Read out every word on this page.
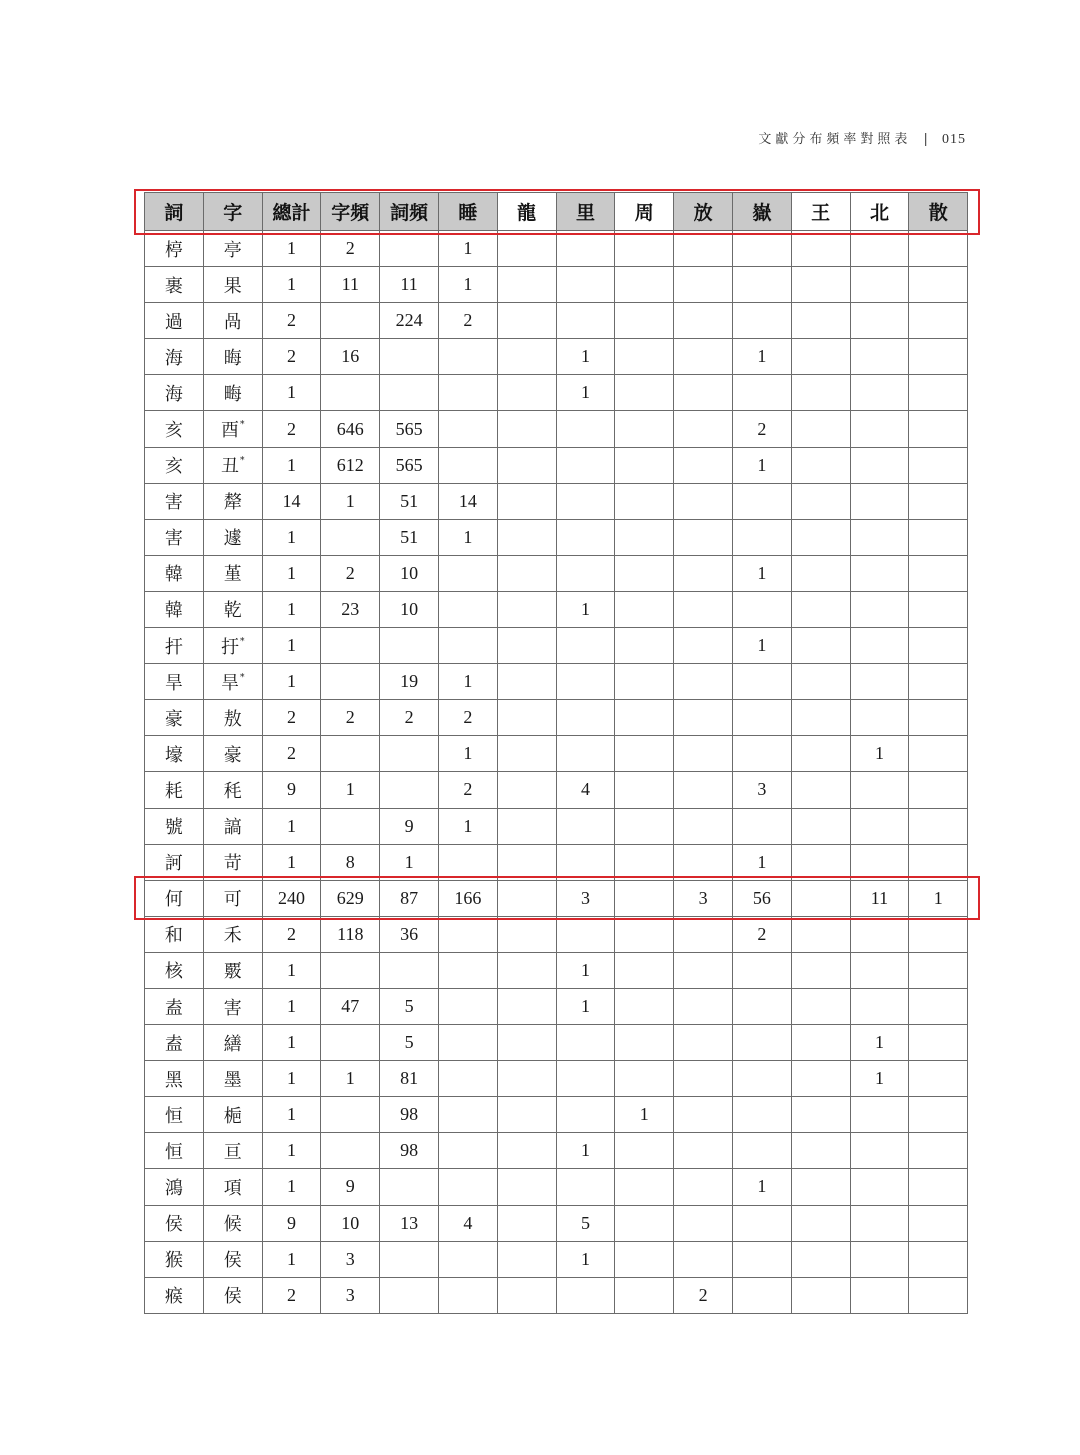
文獻分布頻率對照表 | 015
詞	字	總計	字頻	詞頻	睡	龍	里	周	放	嶽	王	北	散
楟	亭	1	2		1								
裹	果	1	11	11	1								
過	咼	2		224	2								
海	晦	2	16				1			1			
海	畮	1					1						
亥	酉*	2	646	565						2			
亥	丑*	1	612	565						1			
害	犛	14	1	51	14								
害	遽	1		51	1								
韓	堇	1	2	10						1			
韓	乾	1	23	10			1						
扞	扜*	1								1			
旱	旱*	1		19	1								
豪	敖	2	2	2	2								
壕	豪	2			1							1	
耗	秏	9	1		2		4			3			
號	謞	1		9	1								
訶	苛	1	8	1						1			
何	可	240	629	87	166		3		3	56		11	1
和	禾	2	118	36						2			
核	覈	1					1						
盍	害	1	47	5			1						
盍	繕	1		5								1	
黑	墨	1	1	81								1	
恒	梔	1		98				1					
恒	亘	1		98			1						
鴻	項	1	9							1			
侯	候	9	10	13	4		5						
猴	侯	1	3				1						
瘊	侯	2	3						2				
